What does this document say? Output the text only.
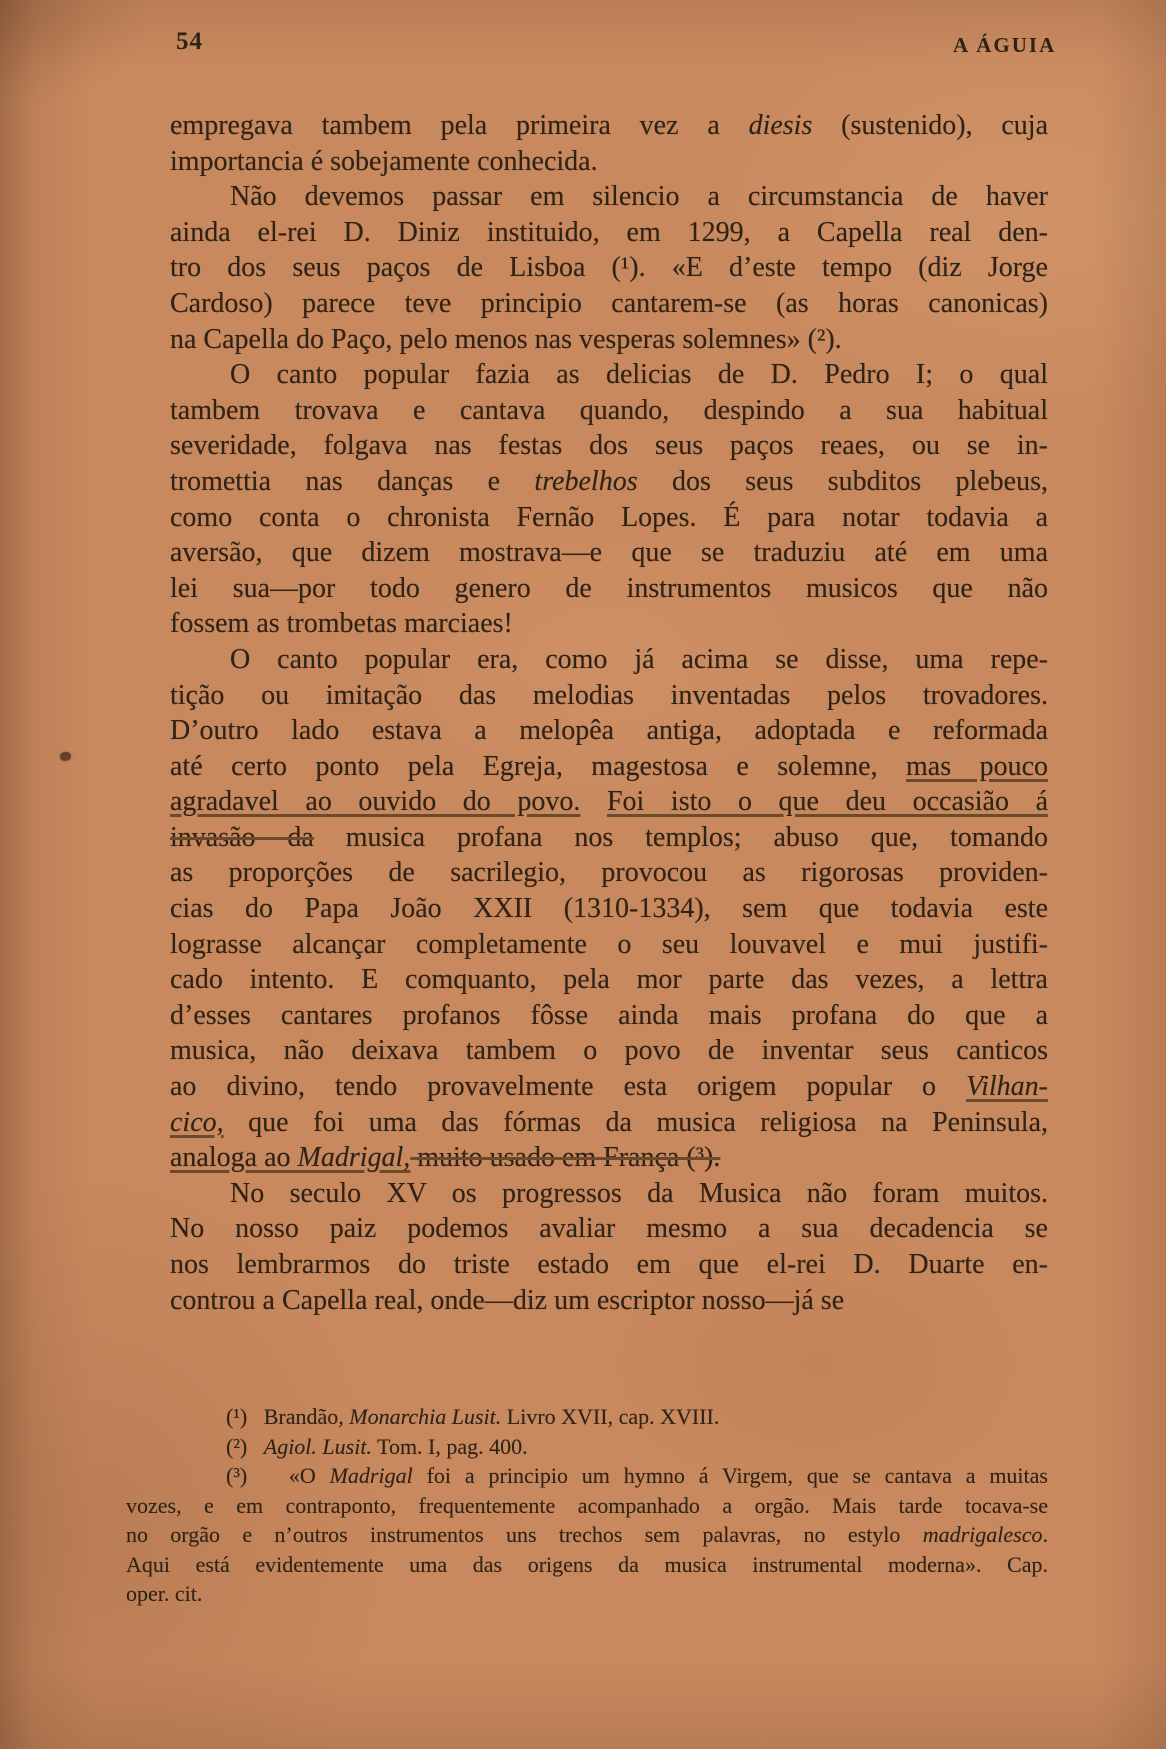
54	A ÁGUIA
empregava tambem pela primeira vez a diesis (sustenido), cuja
importancia é sobejamente conhecida.
Não devemos passar em silencio a circumstancia de haver
ainda el-rei D. Diniz instituido, em 1299, a Capella real den-
tro dos seus paços de Lisboa (¹). «E d’este tempo (diz Jorge
Cardoso) parece teve principio cantarem-se (as horas canonicas)
na Capella do Paço, pelo menos nas vesperas solemnes» (²).
O canto popular fazia as delicias de D. Pedro I; o qual
tambem trovava e cantava quando, despindo a sua habitual
severidade, folgava nas festas dos seus paços reaes, ou se in-
tromettia nas danças e trebelhos dos seus subditos plebeus,
como conta o chronista Fernão Lopes. É para notar todavia a
aversão, que dizem mostrava—e que se traduziu até em uma
lei sua—por todo genero de instrumentos musicos que não
fossem as trombetas marciaes!
O canto popular era, como já acima se disse, uma repe-
tição ou imitação das melodias inventadas pelos trovadores.
D’outro lado estava a melopêa antiga, adoptada e reformada
até certo ponto pela Egreja, magestosa e solemne, mas pouco
agradavel ao ouvido do povo. Foi isto o que deu occasião á
invasão da musica profana nos templos; abuso que, tomando
as proporções de sacrilegio, provocou as rigorosas providen-
cias do Papa João XXII (1310-1334), sem que todavia este
lograsse alcançar completamente o seu louvavel e mui justifi-
cado intento. E comquanto, pela mor parte das vezes, a lettra
d’esses cantares profanos fôsse ainda mais profana do que a
musica, não deixava tambem o povo de inventar seus canticos
ao divino, tendo provavelmente esta origem popular o Vilhan-
cico, que foi uma das fórmas da musica religiosa na Peninsula,
analoga ao Madrigal, muito usado em França (³).
No seculo XV os progressos da Musica não foram muitos.
No nosso paiz podemos avaliar mesmo a sua decadencia se
nos lembrarmos do triste estado em que el-rei D. Duarte en-
controu a Capella real, onde—diz um escriptor nosso—já se
(¹)   Brandão, Monarchia Lusit. Livro XVII, cap. XVIII.
(²)   Agiol. Lusit. Tom. I, pag. 400.
(³)   «O Madrigal foi a principio um hymno á Virgem, que se cantava a muitas
vozes, e em contraponto, frequentemente acompanhado a orgão. Mais tarde tocava-se
no orgão e n’outros instrumentos uns trechos sem palavras, no estylo madrigalesco.
Aqui está evidentemente uma das origens da musica instrumental moderna». Cap.
oper. cit.
